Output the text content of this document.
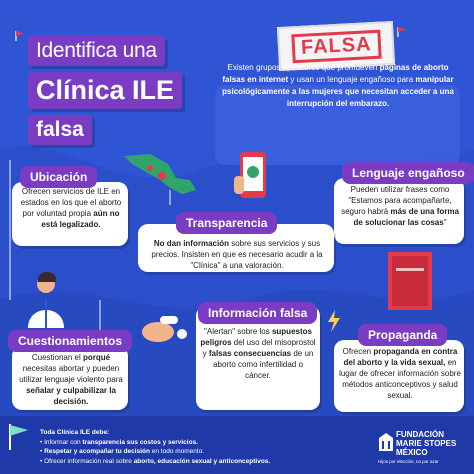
Identifica una
Clínica ILE
falsa
FALSA
Existen grupos opositores que promueven páginas de aborto falsas en internet y usan un lenguaje engañoso para manipular psicológicamente a las mujeres que necesitan acceder a una interrupción del embarazo.
Ubicación
Ofrecen servicios de ILE en estados en los que el aborto por voluntad propia aún no está legalizado.
Lenguaje engañoso
Pueden utilizar frases como "Estamos para acompañarte, seguro habrá más de una forma de solucionar las cosas"
Transparencia
No dan información sobre sus servicios y sus precios. Insisten en que es necesario acudir a la "Clínica" a una valoración.
Información falsa
"Alertan" sobre los supuestos peligros del uso del misoprostol y falsas consecuencias de un aborto como infertilidad o cáncer.
Cuestionamientos
Cuestionan el porqué necesitas abortar y pueden utilizar lenguaje violento para señalar y culpabilizar la decisión.
Propaganda
Ofrecen propaganda en contra del aborto y la vida sexual, en lugar de ofrecer información sobre métodos anticonceptivos y salud sexual.
Toda Clínica ILE debe:
• Informar con transparencia sus costos y servicios.
• Respetar y acompañar tu decisión en todo momento.
• Ofrecer información real sobre aborto, educación sexual y anticonceptivos.
FUNDACIÓN
MARIE STOPES
MÉXICO
Hijos por elección, no por azar
